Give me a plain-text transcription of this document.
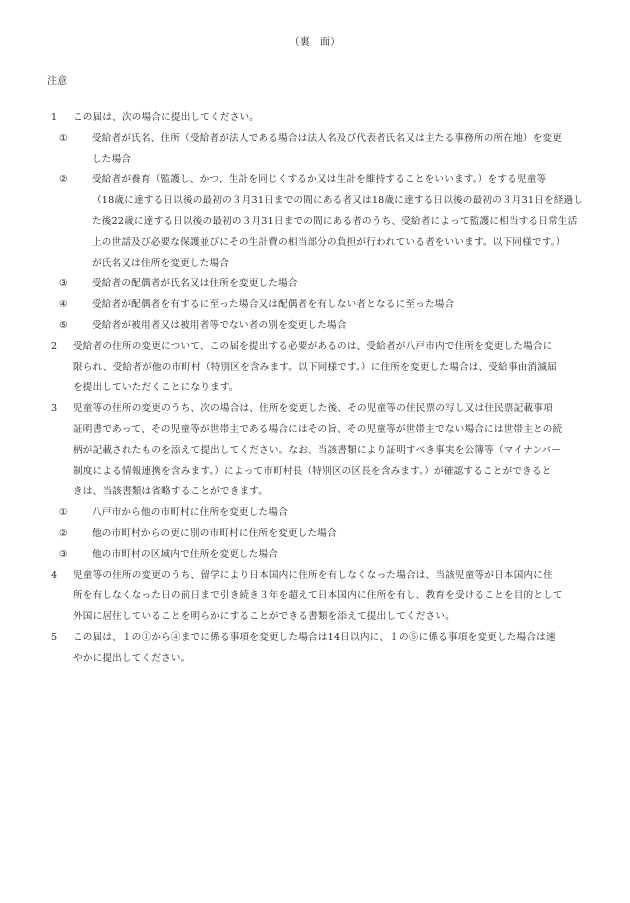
（裏　面）
注意
1	この届は、次の場合に提出してください。
①	受給者が氏名、住所（受給者が法人である場合は法人名及び代表者氏名又は主たる事務所の所在地）を変更
した場合
②	受給者が養育（監護し、かつ、生計を同じくするか又は生計を維持することをいいます。）をする児童等
（18歳に達する日以後の最初の３月31日までの間にある者又は18歳に達する日以後の最初の３月31日を経過し
た後22歳に達する日以後の最初の３月31日までの間にある者のうち、受給者によって監護に相当する日常生活
上の世話及び必要な保護並びにその生計費の相当部分の負担が行われている者をいいます。以下同様です。）
が氏名又は住所を変更した場合
③	受給者の配偶者が氏名又は住所を変更した場合
④	受給者が配偶者を有するに至った場合又は配偶者を有しない者となるに至った場合
⑤	受給者が被用者又は被用者等でない者の別を変更した場合
2	受給者の住所の変更について、この届を提出する必要があるのは、受給者が八戸市内で住所を変更した場合に
限られ、受給者が他の市町村（特別区を含みます。以下同様です。）に住所を変更した場合は、受給事由消滅届
を提出していただくことになります。
3	児童等の住所の変更のうち、次の場合は、住所を変更した後、その児童等の住民票の写し又は住民票記載事項
証明書であって、その児童等が世帯主である場合にはその旨、その児童等が世帯主でない場合には世帯主との続
柄が記載されたものを添えて提出してください。なお、当該書類により証明すべき事実を公簿等（マイナンバー
制度による情報連携を含みます。）によって市町村長（特別区の区長を含みます。）が確認することができると
きは、当該書類は省略することができます。
①	八戸市から他の市町村に住所を変更した場合
②	他の市町村からの更に別の市町村に住所を変更した場合
③	他の市町村の区域内で住所を変更した場合
4	児童等の住所の変更のうち、留学により日本国内に住所を有しなくなった場合は、当該児童等が日本国内に住
所を有しなくなった日の前日まで引き続き３年を超えて日本国内に住所を有し、教育を受けることを目的として
外国に居住していることを明らかにすることができる書類を添えて提出してください。
5	この届は、１の①から④までに係る事項を変更した場合は14日以内に、１の⑤に係る事項を変更した場合は速
やかに提出してください。
